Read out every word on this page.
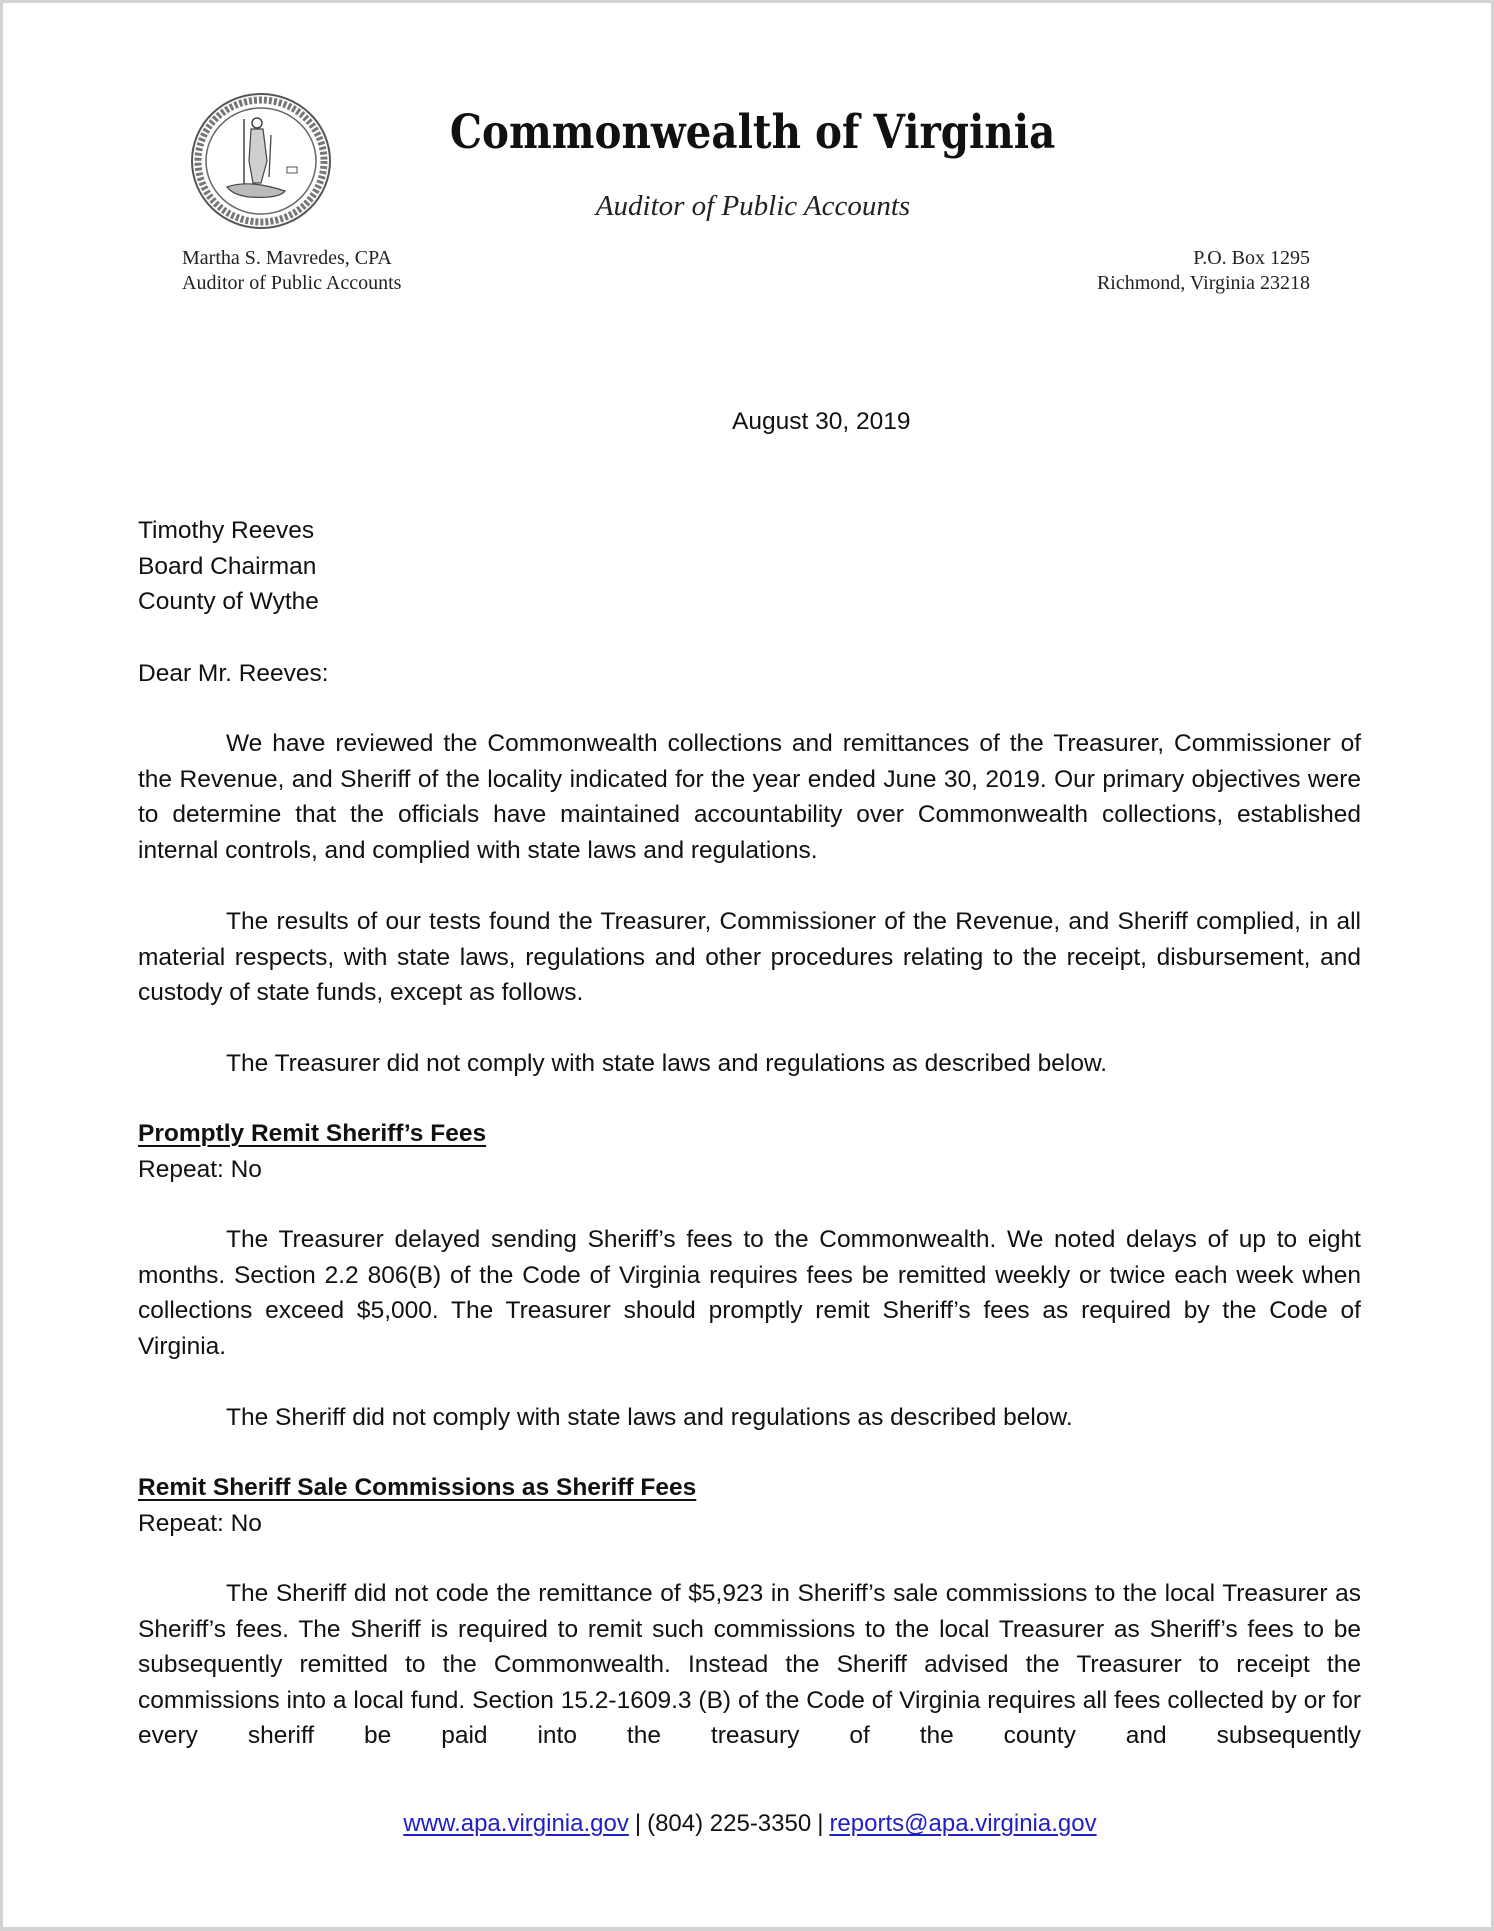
Commonwealth of Virginia
Auditor of Public Accounts
Martha S. Mavredes, CPA
Auditor of Public Accounts
P.O. Box 1295
Richmond, Virginia 23218
August 30, 2019
Timothy Reeves
Board Chairman
County of Wythe
Dear Mr. Reeves:
We have reviewed the Commonwealth collections and remittances of the Treasurer, Commissioner of the Revenue, and Sheriff of the locality indicated for the year ended June 30, 2019. Our primary objectives were to determine that the officials have maintained accountability over Commonwealth collections, established internal controls, and complied with state laws and regulations.
The results of our tests found the Treasurer, Commissioner of the Revenue, and Sheriff complied, in all material respects, with state laws, regulations and other procedures relating to the receipt, disbursement, and custody of state funds, except as follows.
The Treasurer did not comply with state laws and regulations as described below.
Promptly Remit Sheriff’s Fees
Repeat: No
The Treasurer delayed sending Sheriff’s fees to the Commonwealth. We noted delays of up to eight months. Section 2.2 806(B) of the Code of Virginia requires fees be remitted weekly or twice each week when collections exceed $5,000. The Treasurer should promptly remit Sheriff’s fees as required by the Code of Virginia.
The Sheriff did not comply with state laws and regulations as described below.
Remit Sheriff Sale Commissions as Sheriff Fees
Repeat: No
The Sheriff did not code the remittance of $5,923 in Sheriff’s sale commissions to the local Treasurer as Sheriff’s fees. The Sheriff is required to remit such commissions to the local Treasurer as Sheriff’s fees to be subsequently remitted to the Commonwealth. Instead the Sheriff advised the Treasurer to receipt the commissions into a local fund. Section 15.2-1609.3 (B) of the Code of Virginia requires all fees collected by or for every sheriff be paid into the treasury of the county and subsequently
www.apa.virginia.gov | (804) 225-3350 | reports@apa.virginia.gov
